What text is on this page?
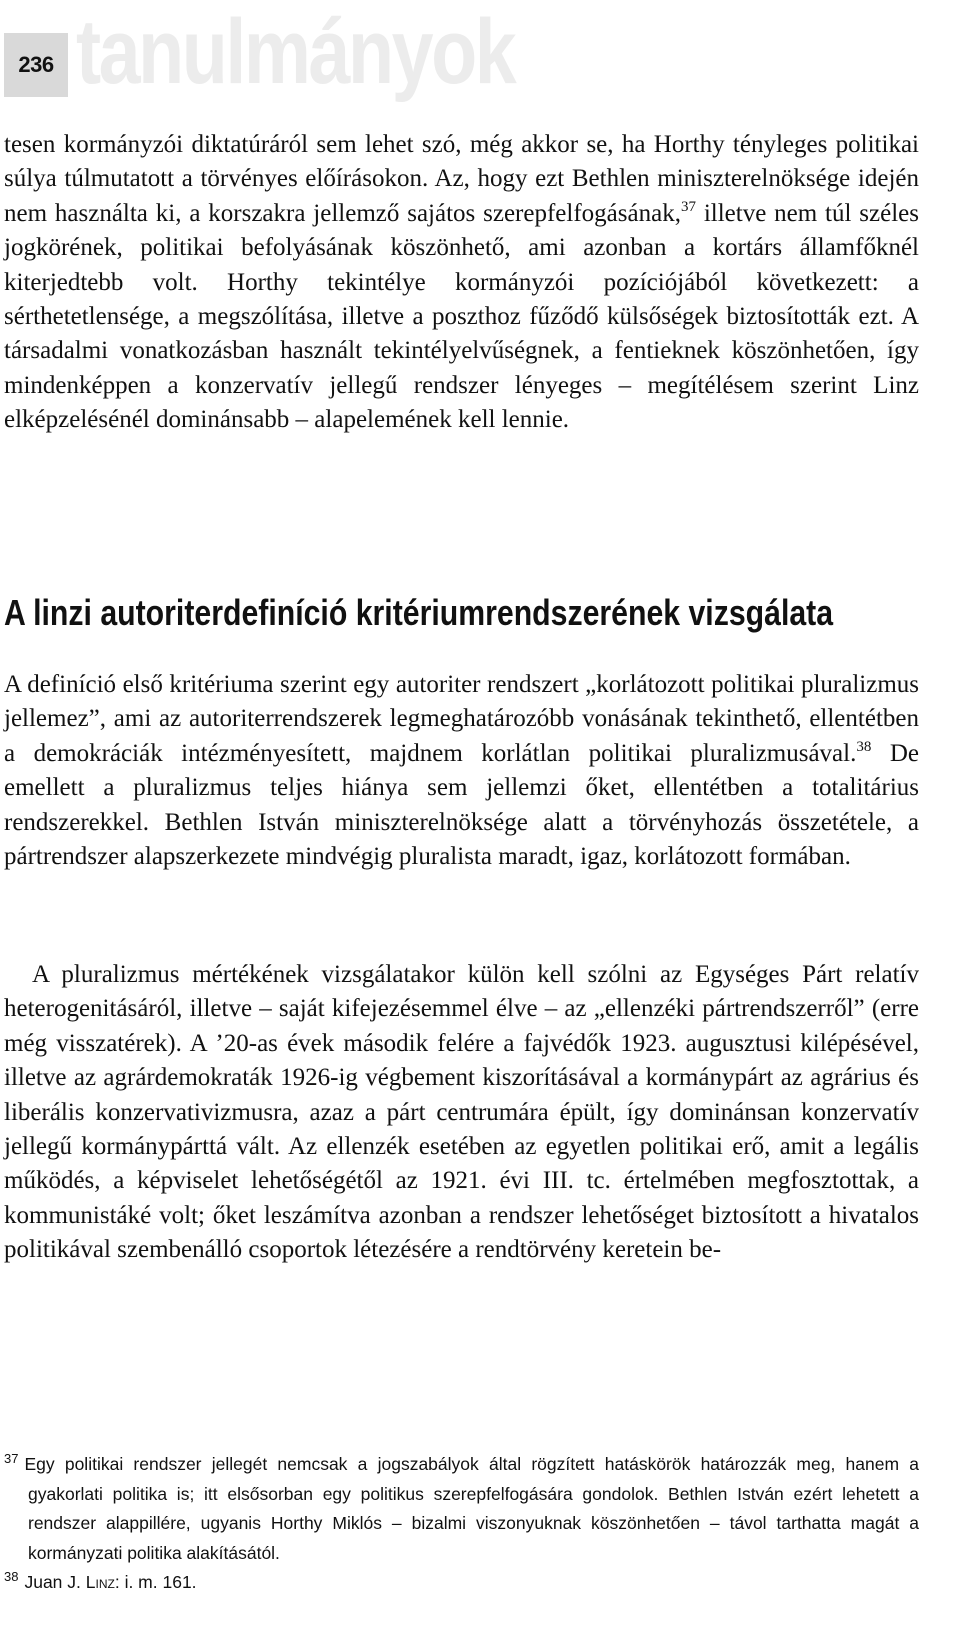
236 tanulmányok

tesen kormányzói diktatúráról sem lehet szó, még akkor se, ha Horthy tényleges politikai súlya túlmutatott a törvényes előírásokon. Az, hogy ezt Bethlen miniszterelnöksége idején nem használta ki, a korszakra jellemző sajátos szerepfelfogásának,$^{37}$ illetve nem túl széles jogkörének, politikai befolyásának köszönhető, ami azonban a kortárs államfőknél kiterjedtebb volt. Horthy tekintélye kormányzói pozíciójából következett: a sérthetetlensége, a megszólítása, illetve a poszthoz fűződő külsőségek biztosították ezt. A társadalmi vonatkozásban használt tekintélyelvűségnek, a fentieknek köszönhetően, így mindenképpen a konzervatív jellegű rendszer lényeges – megítélésem szerint Linz elképzelésénél dominánsabb – alapelemének kell lennie.

A linzi autoriterdefiníció kritériumrendszerének vizsgálata

A definíció első kritériuma szerint egy autoriter rendszert „korlátozott politikai pluralizmus jellemez”, ami az autoriterrendszerek legmeghatározóbb vonásának tekinthető, ellentétben a demokráciák intézményesített, majdnem korlátlan politikai pluralizmusával.$^{38}$ De emellett a pluralizmus teljes hiánya sem jellemzi őket, ellentétben a totalitárius rendszerekkel. Bethlen István miniszterelnöksége alatt a törvényhozás összetétele, a pártrendszer alapszerkezete mindvégig pluralista maradt, igaz, korlátozott formában.

A pluralizmus mértékének vizsgálatakor külön kell szólni az Egységes Párt relatív heterogenitásáról, illetve – saját kifejezésemmel élve – az „ellenzéki pártrendszerről” (erre még visszatérek). A ’20-as évek második felére a fajvédők 1923. augusztusi kilépésével, illetve az agrárdemokraták 1926-ig végbement kiszorításával a kormánypárt az agrárius és liberális konzervativizmusra, azaz a párt centrumára épült, így dominánsan konzervatív jellegű kormánypárttá vált. Az ellenzék esetében az egyetlen politikai erő, amit a legális működés, a képviselet lehetőségétől az 1921. évi III. tc. értelmében megfosztottak, a kommunistáké volt; őket leszámítva azonban a rendszer lehetőséget biztosított a hivatalos politikával szembenálló csoportok létezésére a rendtörvény keretein be-

$^{37}$ Egy politikai rendszer jellegét nemcsak a jogszabályok által rögzített hatáskörök határozzák meg, hanem a gyakorlati politika is; itt elsősorban egy politikus szerepfelfogására gondolok. Bethlen István ezért lehetett a rendszer alappillére, ugyanis Horthy Miklós – bizalmi viszonyuknak köszönhetően – távol tarthatta magát a kormányzati politika alakításától.

$^{38}$ Juan J. Linz: i. m. 161.
